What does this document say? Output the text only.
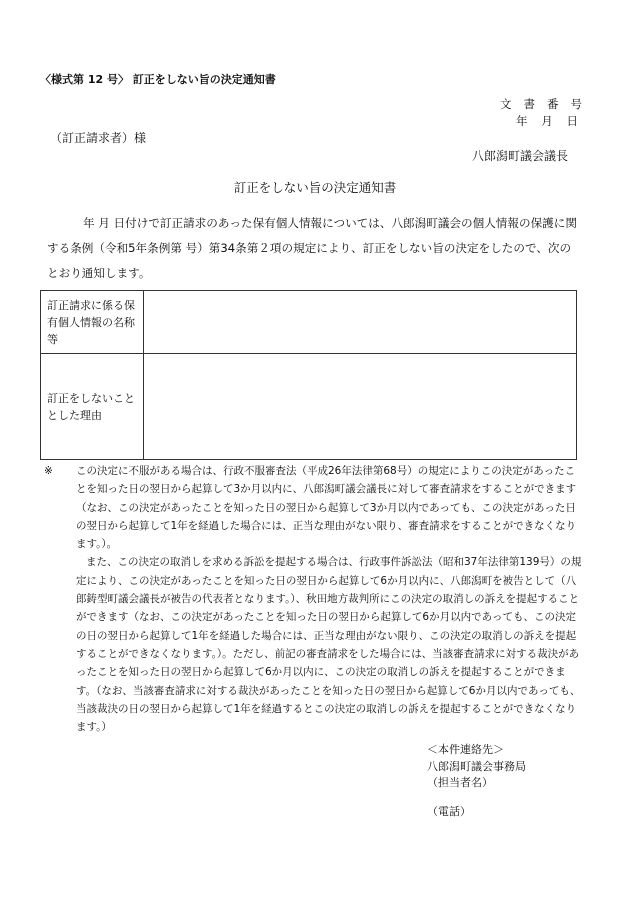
〈様式第 12 号〉 訂正をしない旨の決定通知書
文 書 番 号
年 月 日
（訂正請求者）様
八郎潟町議会議長
訂正をしない旨の決定通知書

年 月 日付けで訂正請求のあった保有個人情報については、八郎潟町議会の個人情報の保護に関する条例（令和5年条例第 号）第34条第２項の規定により、訂正をしない旨の決定をしたので、次のとおり通知します。

訂正請求に係る保有個人情報の名称等	
訂正をしないこととした理由	

※ この決定に不服がある場合は、行政不服審査法（平成26年法律第68号）の規定によりこの決定があったことを知った日の翌日から起算して3か月以内に、八郎潟町議会議長に対して審査請求をすることができます（なお、この決定があったことを知った日の翌日から起算して3か月以内であっても、この決定があった日の翌日から起算して1年を経過した場合には、正当な理由がない限り、審査請求をすることができなくなります。）。

また、この決定の取消しを求める訴訟を提起する場合は、行政事件訴訟法（昭和37年法律第139号）の規定により、この決定があったことを知った日の翌日から起算して6か月以内に、八郎潟町を被告として（八郎鋳型町議会議長が被告の代表者となります。）、秋田地方裁判所にこの決定の取消しの訴えを提起することができます（なお、この決定があったことを知った日の翌日から起算して6か月以内であっても、この決定の日の翌日から起算して1年を経過した場合には、正当な理由がない限り、この決定の取消しの訴えを提起することができなくなります。）。ただし、前記の審査請求をした場合には、当該審査請求に対する裁決があったことを知った日の翌日から起算して6か月以内に、この決定の取消しの訴えを提起することができます。（なお、当該審査請求に対する裁決があったことを知った日の翌日から起算して6か月以内であっても、当該裁決の日の翌日から起算して1年を経過するとこの決定の取消しの訴えを提起することができなくなります。）

＜本件連絡先＞
八郎潟町議会事務局
（担当者名）
（電話）
